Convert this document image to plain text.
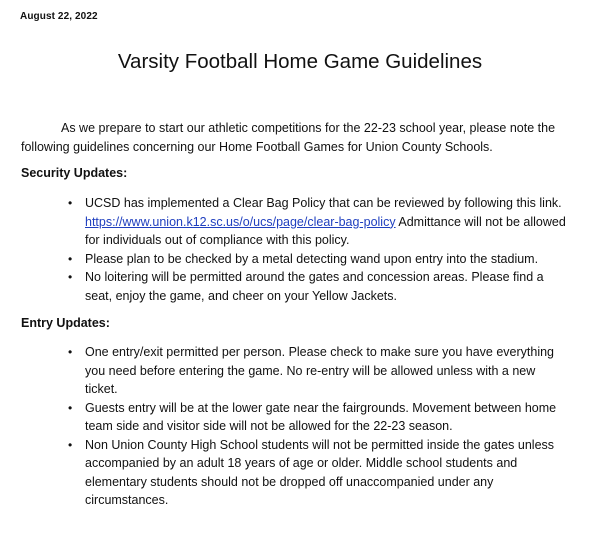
August 22, 2022
Varsity Football Home Game Guidelines

As we prepare to start our athletic competitions for the 22-23 school year, please note the following guidelines concerning our Home Football Games for Union County Schools.

Security Updates:
• UCSD has implemented a Clear Bag Policy that can be reviewed by following this link. https://www.union.k12.sc.us/o/ucs/page/clear-bag-policy Admittance will not be allowed for individuals out of compliance with this policy.
• Please plan to be checked by a metal detecting wand upon entry into the stadium.
• No loitering will be permitted around the gates and concession areas. Please find a seat, enjoy the game, and cheer on your Yellow Jackets.
Entry Updates:
• One entry/exit permitted per person. Please check to make sure you have everything you need before entering the game. No re-entry will be allowed unless with a new ticket.
• Guests entry will be at the lower gate near the fairgrounds. Movement between home team side and visitor side will not be allowed for the 22-23 season.
• Non Union County High School students will not be permitted inside the gates unless accompanied by an adult 18 years of age or older. Middle school students and elementary students should not be dropped off unaccompanied under any circumstances.
